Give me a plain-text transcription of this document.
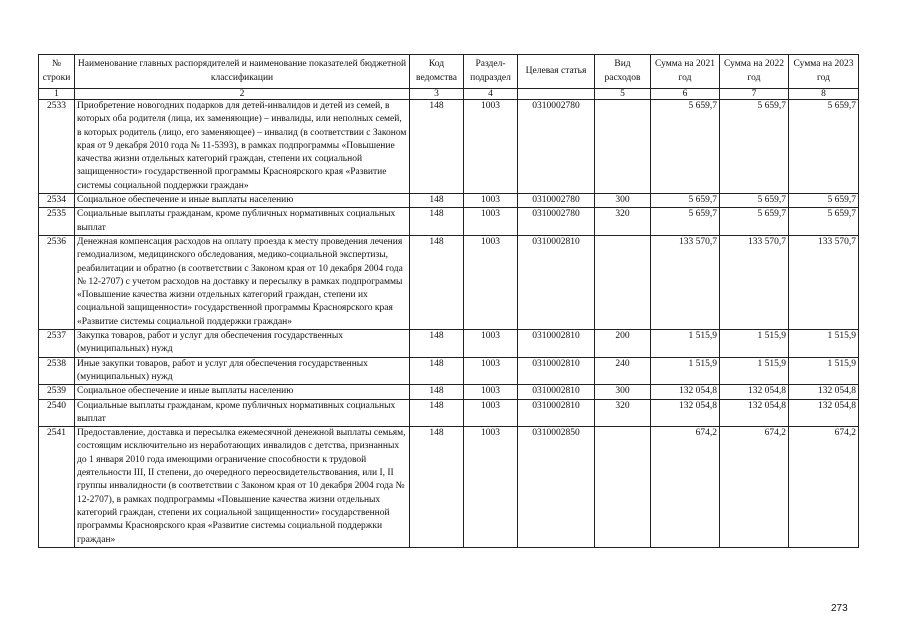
№ строки	Наименование главных распорядителей и наименование показателей бюджетной классификации	Код ведомства	Раздел-подраздел	Целевая статья	Вид расходов	Сумма на 2021 год	Сумма на 2022 год	Сумма на 2023 год
1	2	3	4		5	6	7	8
2533	Приобретение новогодних подарков для детей-инвалидов и детей из семей, в которых оба родителя (лица, их заменяющие) – инвалиды, или неполных семей, в которых родитель (лицо, его заменяющее) – инвалид (в соответствии с Законом края от 9 декабря 2010 года № 11-5393), в рамках подпрограммы «Повышение качества жизни отдельных категорий граждан, степени их социальной защищенности» государственной программы Красноярского края «Развитие системы социальной поддержки граждан»	148	1003	0310002780		5 659,7	5 659,7	5 659,7
2534	Социальное обеспечение и иные выплаты населению	148	1003	0310002780	300	5 659,7	5 659,7	5 659,7
2535	Социальные выплаты гражданам, кроме публичных нормативных социальных выплат	148	1003	0310002780	320	5 659,7	5 659,7	5 659,7
2536	Денежная компенсация расходов на оплату проезда к месту проведения лечения гемодиализом, медицинского обследования, медико-социальной экспертизы, реабилитации и обратно (в соответствии с Законом края от 10 декабря 2004 года № 12-2707) с учетом расходов на доставку и пересылку в рамках подпрограммы «Повышение качества жизни отдельных категорий граждан, степени их социальной защищенности» государственной программы Красноярского края «Развитие системы социальной поддержки граждан»	148	1003	0310002810		133 570,7	133 570,7	133 570,7
2537	Закупка товаров, работ и услуг для обеспечения государственных (муниципальных) нужд	148	1003	0310002810	200	1 515,9	1 515,9	1 515,9
2538	Иные закупки товаров, работ и услуг для обеспечения государственных (муниципальных) нужд	148	1003	0310002810	240	1 515,9	1 515,9	1 515,9
2539	Социальное обеспечение и иные выплаты населению	148	1003	0310002810	300	132 054,8	132 054,8	132 054,8
2540	Социальные выплаты гражданам, кроме публичных нормативных социальных выплат	148	1003	0310002810	320	132 054,8	132 054,8	132 054,8
2541	Предоставление, доставка и пересылка ежемесячной денежной выплаты семьям, состоящим исключительно из неработающих инвалидов с детства, признанных до 1 января 2010 года имеющими ограничение способности к трудовой деятельности III, II степени, до очередного переосвидетельствования, или I, II группы инвалидности (в соответствии с Законом края от 10 декабря 2004 года № 12-2707), в рамках подпрограммы «Повышение качества жизни отдельных категорий граждан, степени их социальной защищенности» государственной программы Красноярского края «Развитие системы социальной поддержки граждан»	148	1003	0310002850		674,2	674,2	674,2
273
